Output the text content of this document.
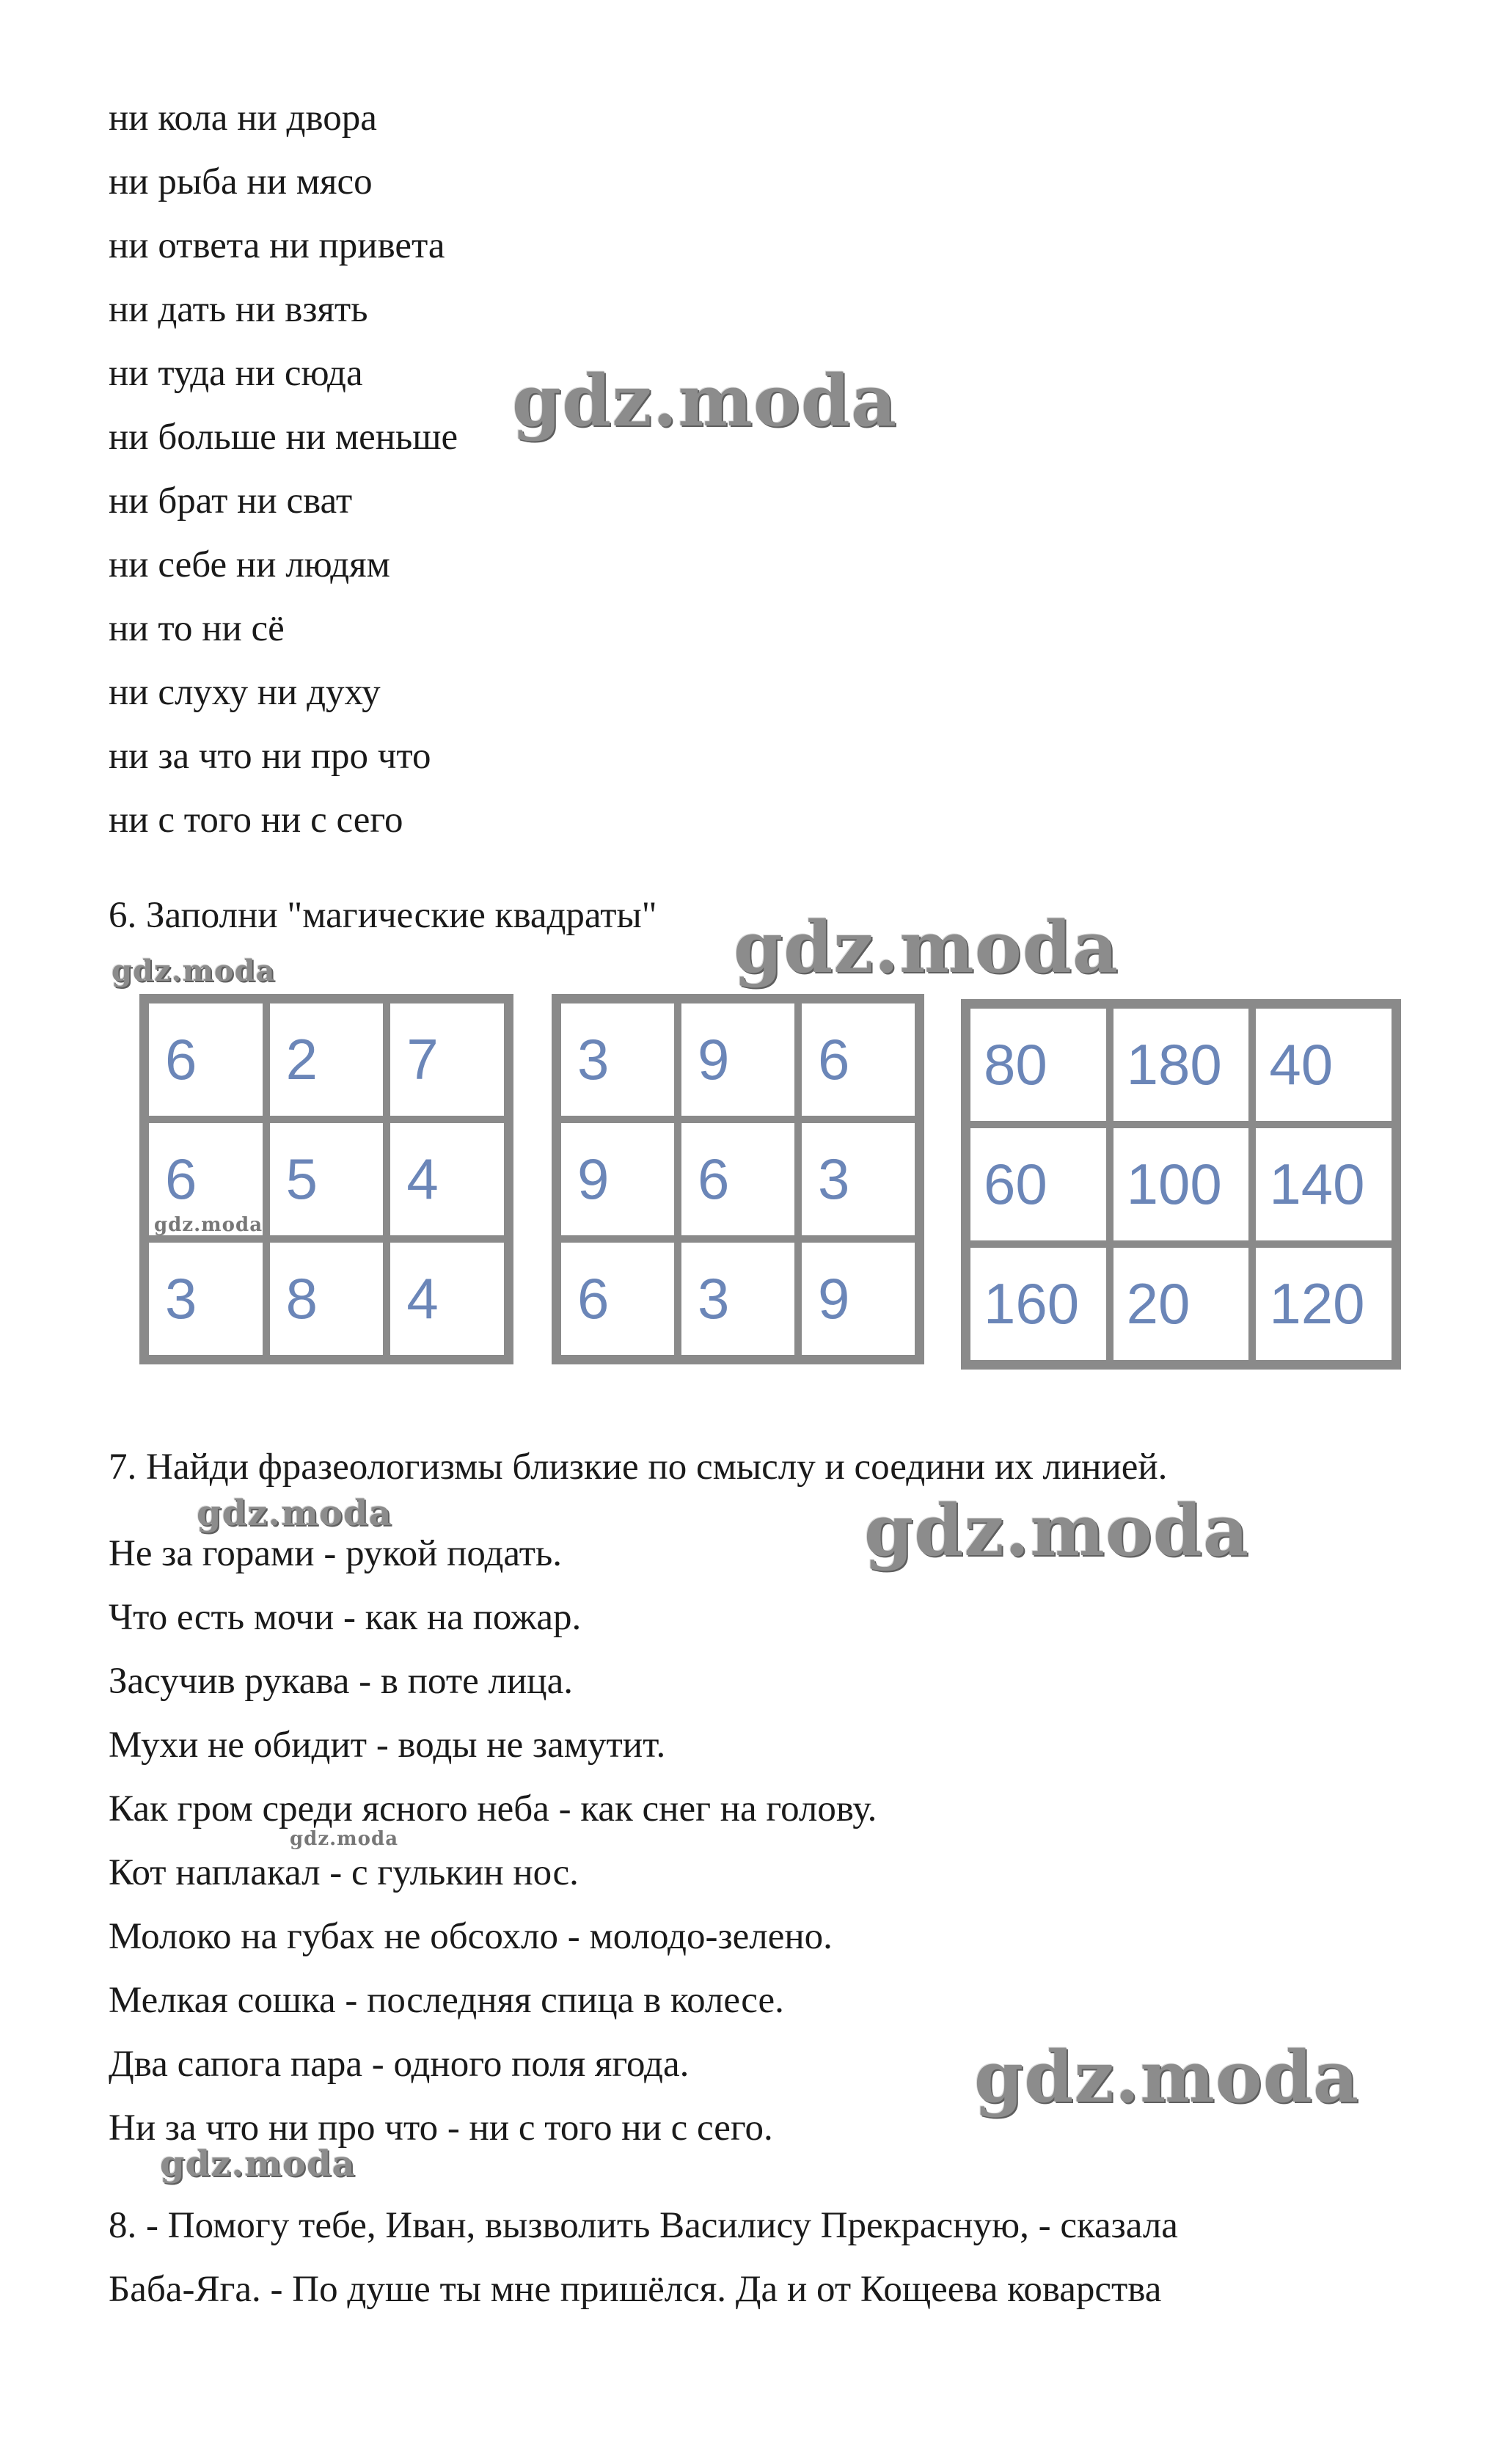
ни кола ни двора
ни рыба ни мясо
ни ответа ни привета
ни дать ни взять
ни туда ни сюда
ни больше ни меньше
ни брат ни сват
ни себе ни людям
ни то ни сё
ни слуху ни духу
ни за что ни про что
ни с того ни с сего
6. Заполни "магические квадраты"
6	2	7
6	5	4
3	8	4
3	9	6
9	6	3
6	3	9
80	180 40
60	100 140
160 20	120
7. Найди фразеологизмы близкие по смыслу и соедини их линией.
Не за горами - рукой подать.
Что есть мочи - как на пожар.
Засучив рукава - в поте лица.
Мухи не обидит - воды не замутит.
Как гром среди ясного неба - как снег на голову.
Кот наплакал - с гулькин нос.
Молоко на губах не обсохло - молодо-зелено.
Мелкая сошка - последняя спица в колесе.
Два сапога пара - одного поля ягода.
Ни за что ни про что - ни с того ни с сего.
8. - Помогу тебе, Иван, вызволить Василису Прекрасную, - сказала
Баба-Яга. - По душе ты мне пришёлся. Да и от Кощеева коварства
gdz.moda
gdz.moda
gdz.moda
gdz.moda
gdz.moda	gdz.moda
gdz.moda
gdz.moda
gdz.moda
